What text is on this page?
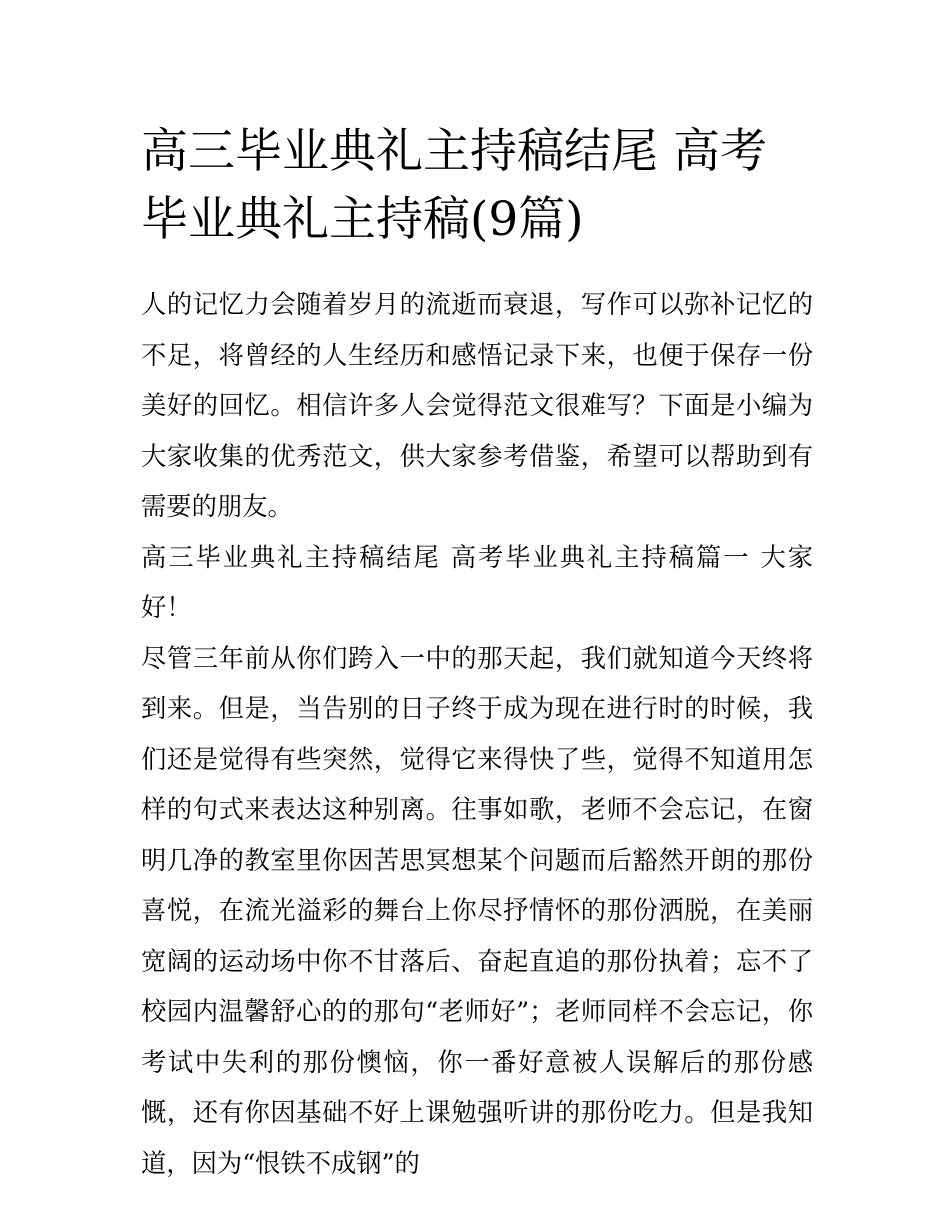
高三毕业典礼主持稿结尾 高考毕业典礼主持稿(9篇)

人的记忆力会随着岁月的流逝而衰退，写作可以弥补记忆的不足，将曾经的人生经历和感悟记录下来，也便于保存一份美好的回忆。相信许多人会觉得范文很难写？下面是小编为大家收集的优秀范文，供大家参考借鉴，希望可以帮助到有需要的朋友。

高三毕业典礼主持稿结尾 高考毕业典礼主持稿篇一 大家好！

尽管三年前从你们跨入一中的那天起，我们就知道今天终将到来。但是，当告别的日子终于成为现在进行时的时候，我们还是觉得有些突然，觉得它来得快了些，觉得不知道用怎样的句式来表达这种别离。往事如歌，老师不会忘记，在窗明几净的教室里你因苦思冥想某个问题而后豁然开朗的那份喜悦，在流光溢彩的舞台上你尽抒情怀的那份洒脱，在美丽宽阔的运动场中你不甘落后、奋起直追的那份执着；忘不了校园内温馨舒心的的那句“老师好”；老师同样不会忘记，你考试中失利的那份懊恼，你一番好意被人误解后的那份感慨，还有你因基础不好上课勉强听讲的那份吃力。但是我知道，因为“恨铁不成钢”的
